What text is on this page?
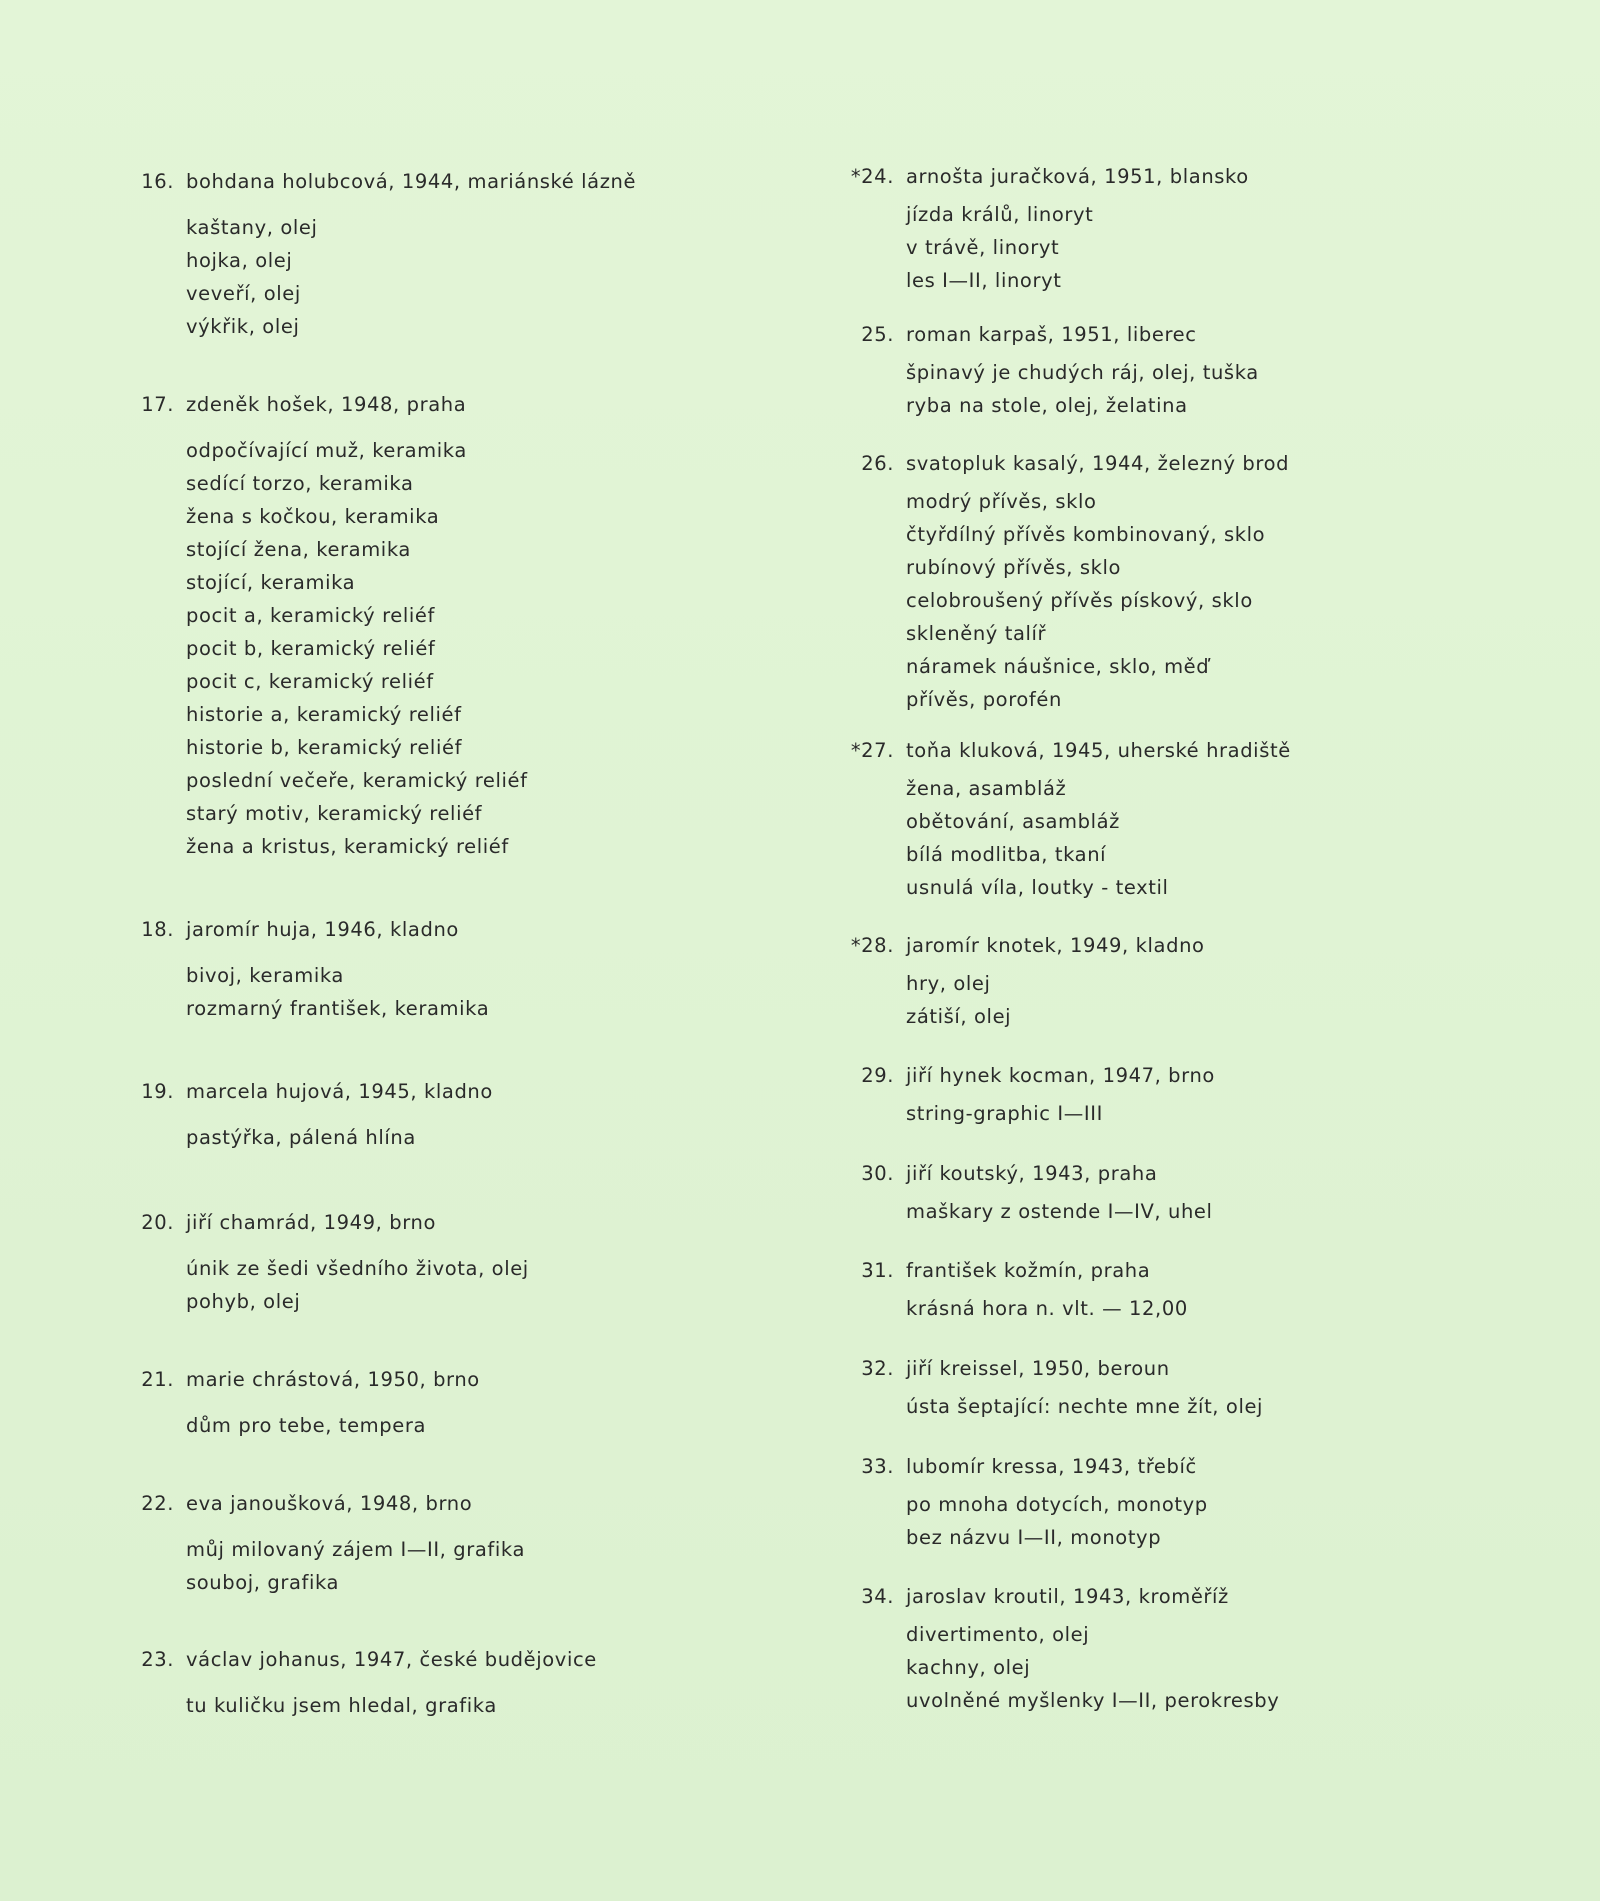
16. bohdana holubcová, 1944, mariánské lázně
kaštany, olej
hojka, olej
veveří, olej
výkřik, olej
17. zdeněk hošek, 1948, praha
odpočívající muž, keramika
sedící torzo, keramika
žena s kočkou, keramika
stojící žena, keramika
stojící, keramika
pocit a, keramický reliéf
pocit b, keramický reliéf
pocit c, keramický reliéf
historie a, keramický reliéf
historie b, keramický reliéf
poslední večeře, keramický reliéf
starý motiv, keramický reliéf
žena a kristus, keramický reliéf
18. jaromír huja, 1946, kladno
bivoj, keramika
rozmarný františek, keramika
19. marcela hujová, 1945, kladno
pastýřka, pálená hlína
20. jiří chamrád, 1949, brno
únik ze šedi všedního života, olej
pohyb, olej
21. marie chrástová, 1950, brno
dům pro tebe, tempera
22. eva janoušková, 1948, brno
můj milovaný zájem I—II, grafika
souboj, grafika
23. václav johanus, 1947, české budějovice
tu kuličku jsem hledal, grafika
*24. arnošta juračková, 1951, blansko
jízda králů, linoryt
v trávě, linoryt
les I—II, linoryt
25. roman karpaš, 1951, liberec
špinavý je chudých ráj, olej, tuška
ryba na stole, olej, želatina
26. svatopluk kasalý, 1944, železný brod
modrý přívěs, sklo
čtyřdílný přívěs kombinovaný, sklo
rubínový přívěs, sklo
celobroušený přívěs pískový, sklo
skleněný talíř
náramek náušnice, sklo, měď
přívěs, porofén
*27. toňa kluková, 1945, uherské hradiště
žena, asambláž
obětování, asambláž
bílá modlitba, tkaní
usnulá víla, loutky - textil
*28. jaromír knotek, 1949, kladno
hry, olej
zátiší, olej
29. jiří hynek kocman, 1947, brno
string-graphic I—III
30. jiří koutský, 1943, praha
maškary z ostende I—IV, uhel
31. františek kožmín, praha
krásná hora n. vlt. — 12,00
32. jiří kreissel, 1950, beroun
ústa šeptající: nechte mne žít, olej
33. lubomír kressa, 1943, třebíč
po mnoha dotycích, monotyp
bez názvu I—II, monotyp
34. jaroslav kroutil, 1943, kroměříž
divertimento, olej
kachny, olej
uvolněné myšlenky I—II, perokresby
